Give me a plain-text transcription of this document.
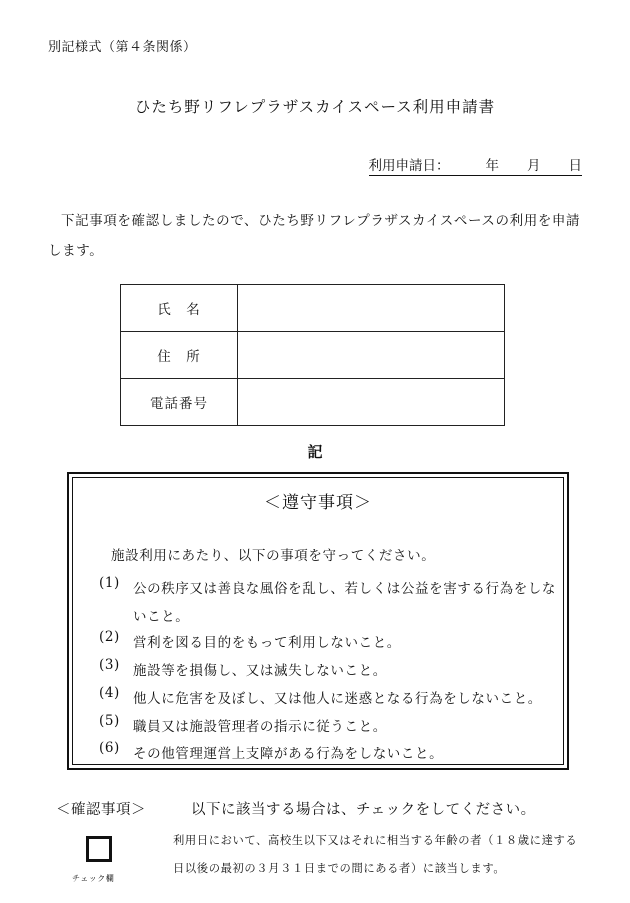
別記様式（第４条関係）
ひたち野リフレプラザスカイスペース利用申請書
利用申請日：	年 月 日
下記事項を確認しましたので、ひたち野リフレプラザスカイスペースの利用を申請します。
氏　名	
住　所	
電話番号	
記
＜遵守事項＞
施設利用にあたり、以下の事項を守ってください。
(1) 公の秩序又は善良な風俗を乱し、若しくは公益を害する行為をしないこと。
(2) 営利を図る目的をもって利用しないこと。
(3) 施設等を損傷し、又は滅失しないこと。
(4) 他人に危害を及ぼし、又は他人に迷惑となる行為をしないこと。
(5) 職員又は施設管理者の指示に従うこと。
(6) その他管理運営上支障がある行為をしないこと。
＜確認事項＞	以下に該当する場合は、チェックをしてください。
チェック欄
利用日において、高校生以下又はそれに相当する年齢の者（１８歳に達する日以後の最初の３月３１日までの間にある者）に該当します。
